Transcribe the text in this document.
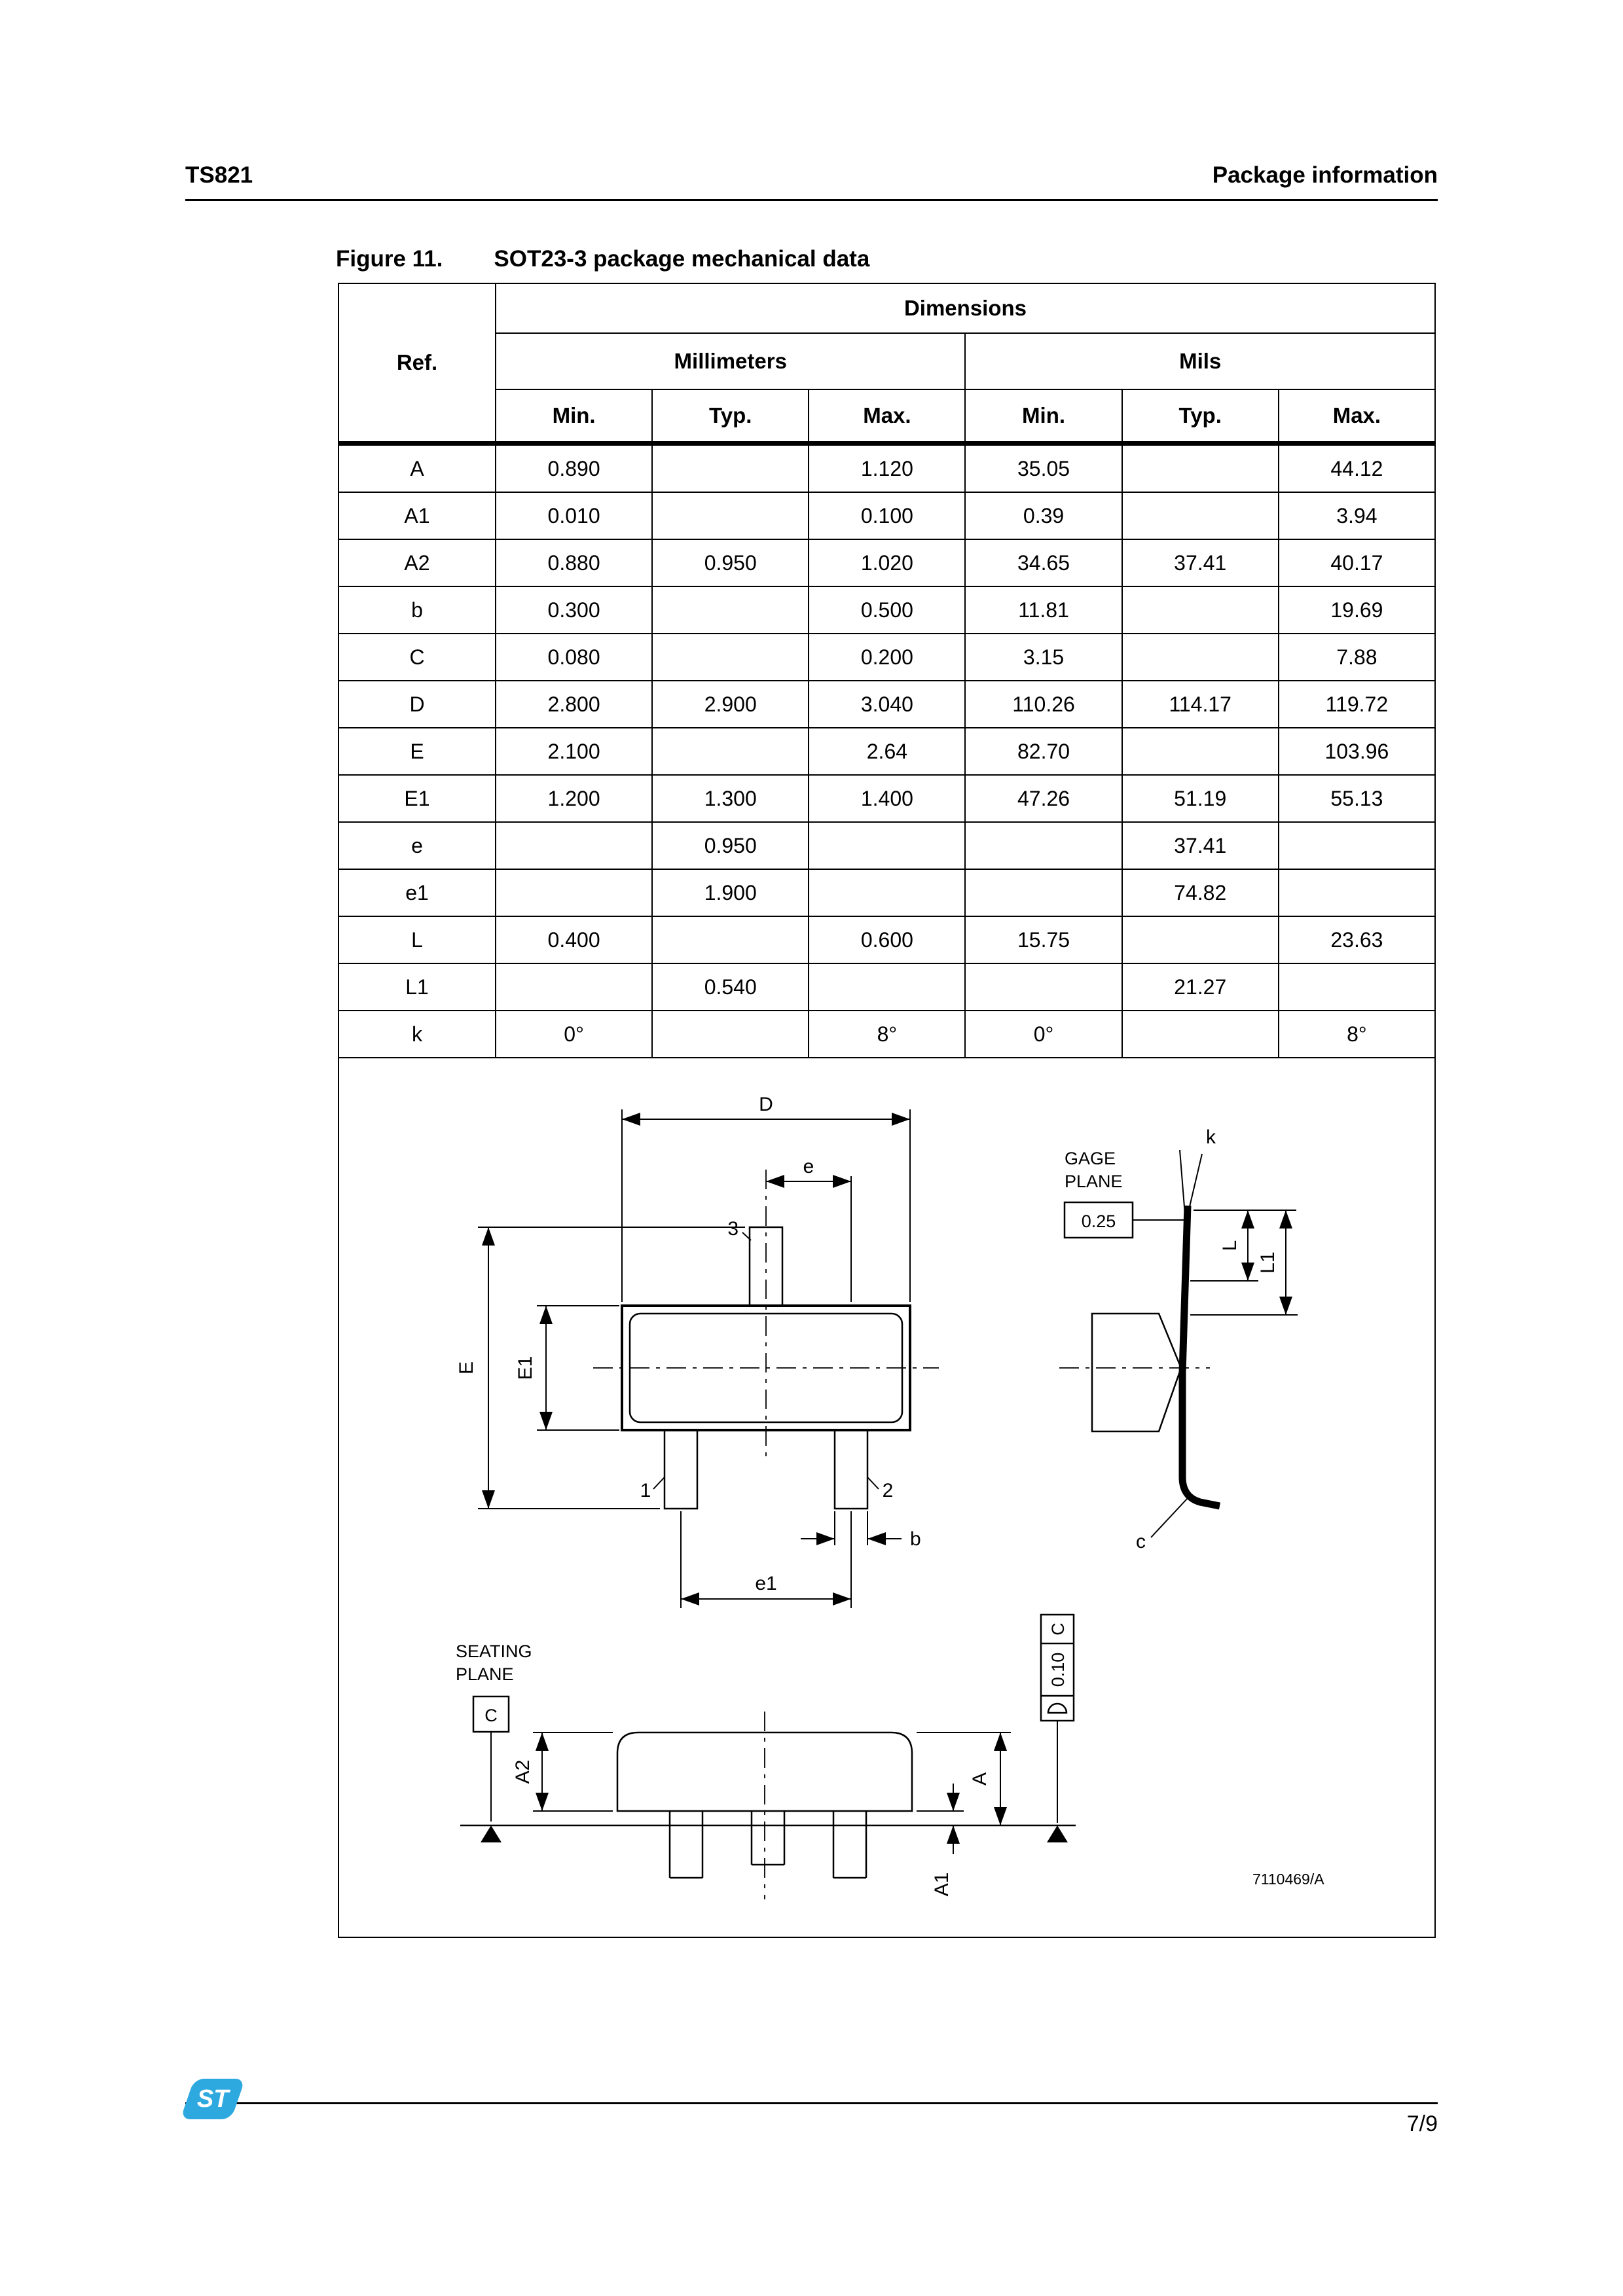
TS821	Package information
Figure 11. SOT23-3 package mechanical data
Ref.	Dimensions					
	Millimeters			Mils		
	Min.	Typ.	Max.	Min.	Typ.	Max.
A	0.890		1.120	35.05		44.12
A1	0.010		0.100	0.39		3.94
A2	0.880	0.950	1.020	34.65	37.41	40.17
b	0.300		0.500	11.81		19.69
C	0.080		0.200	3.15		7.88
D	2.800	2.900	3.040	110.26	114.17	119.72
E	2.100		2.64	82.70		103.96
E1	1.200	1.300	1.400	47.26	51.19	55.13
e		0.950			37.41	
e1		1.900			74.82	
L	0.400		0.600	15.75		23.63
L1		0.540			21.27	
k	0°		8°	0°		8°
D
e
3
E E1
1	2
b
e1
GAGE
PLANE
0.25
k
L
L1
c
SEATING
PLANE
C
A2	A
A1
C
0.10
7110469/A
ST
7/9
